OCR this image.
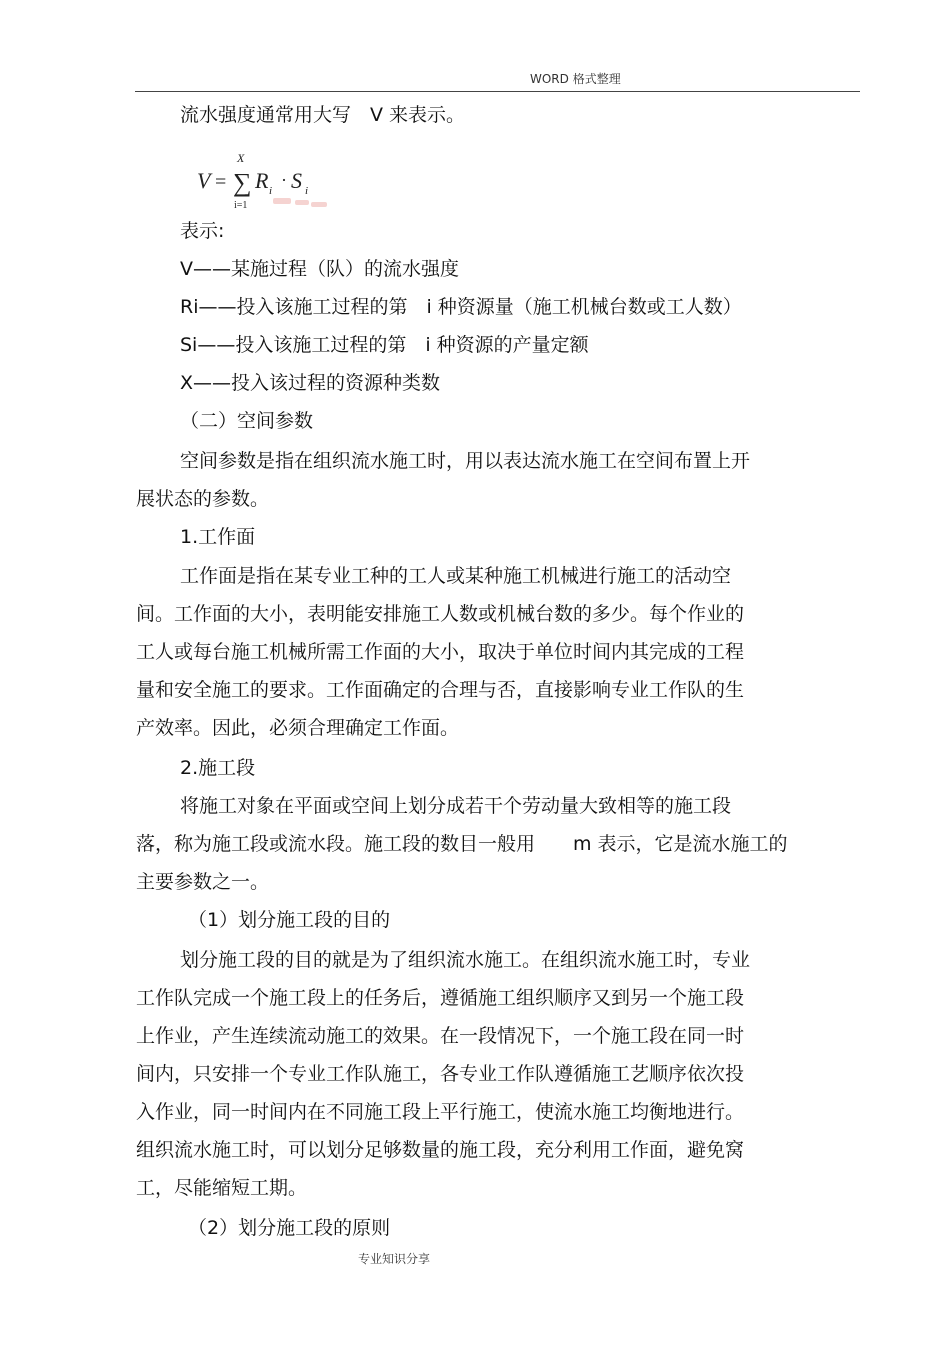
WORD 格式整理
流水强度通常用大写　V 来表示。
V =
X
∑
i=1
R i
· S i
表示:
V——某施过程（队）的流水强度
Ri——投入该施工过程的第　i 种资源量（施工机械台数或工人数）
Si——投入该施工过程的第　i 种资源的产量定额
X——投入该过程的资源种类数
（二）空间参数
空间参数是指在组织流水施工时，用以表达流水施工在空间布置上开
展状态的参数。
1.工作面
工作面是指在某专业工种的工人或某种施工机械进行施工的活动空
间。工作面的大小，表明能安排施工人数或机械台数的多少。每个作业的
工人或每台施工机械所需工作面的大小，取决于单位时间内其完成的工程
量和安全施工的要求。工作面确定的合理与否，直接影响专业工作队的生
产效率。因此，必须合理确定工作面。
2.施工段
将施工对象在平面或空间上划分成若干个劳动量大致相等的施工段
落，称为施工段或流水段。施工段的数目一般用　　m 表示，它是流水施工的
主要参数之一。
（1）划分施工段的目的
划分施工段的目的就是为了组织流水施工。在组织流水施工时，专业
工作队完成一个施工段上的任务后，遵循施工组织顺序又到另一个施工段
上作业，产生连续流动施工的效果。在一段情况下，一个施工段在同一时
间内，只安排一个专业工作队施工，各专业工作队遵循施工艺顺序依次投
入作业，同一时间内在不同施工段上平行施工，使流水施工均衡地进行。
组织流水施工时，可以划分足够数量的施工段，充分利用工作面，避免窝
工，尽能缩短工期。
（2）划分施工段的原则
专业知识分享
